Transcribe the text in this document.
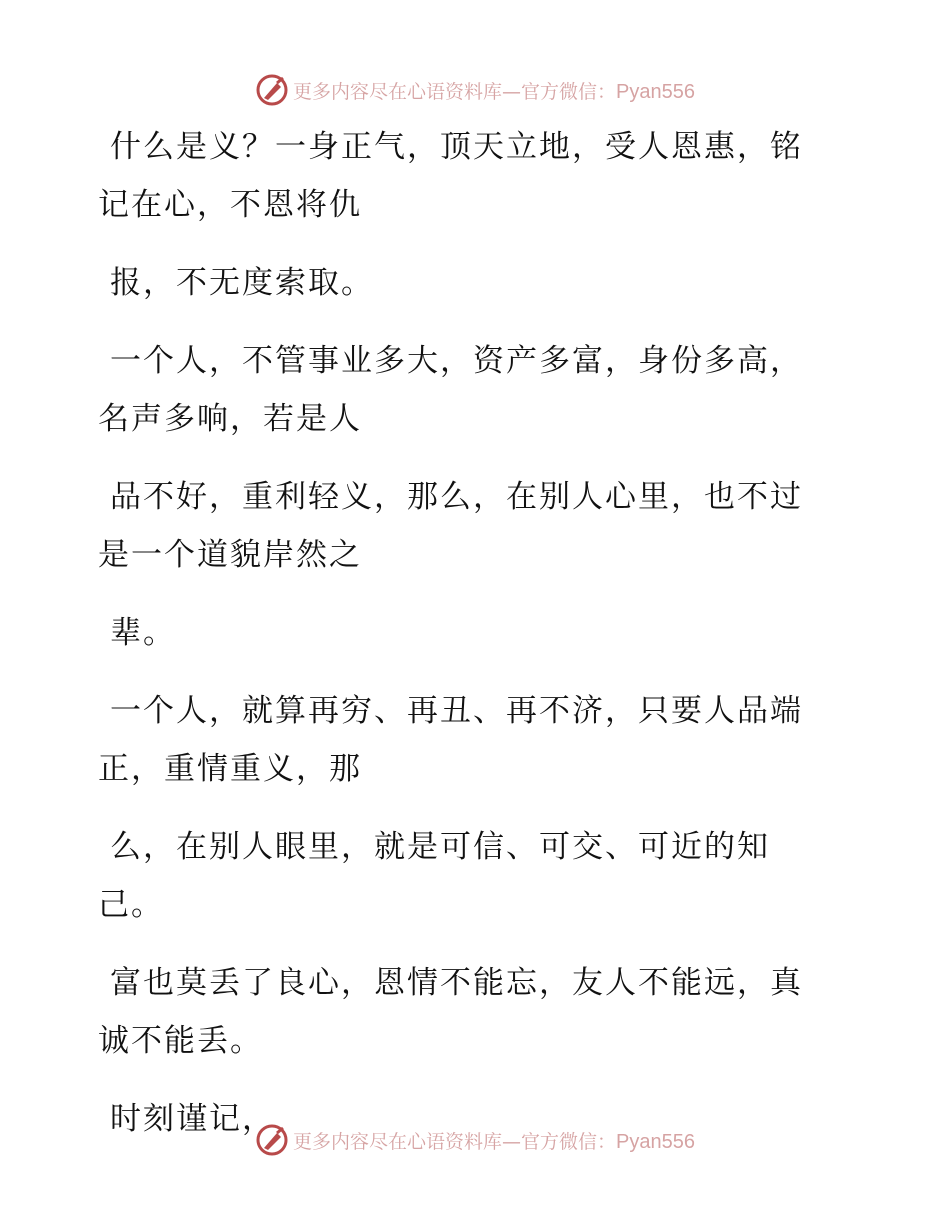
更多内容尽在心语资料库—官方微信：Pyan556

什么是义？一身正气，顶天立地，受人恩惠，铭
记在心，不恩将仇

报，不无度索取。

一个人，不管事业多大，资产多富，身份多高，
名声多响，若是人

品不好，重利轻义，那么，在别人心里，也不过
是一个道貌岸然之

辈。

一个人，就算再穷、再丑、再不济，只要人品端
正，重情重义，那

么，在别人眼里，就是可信、可交、可近的知
己。

富也莫丢了良心，恩情不能忘，友人不能远，真
诚不能丢。

时刻谨记，

更多内容尽在心语资料库—官方微信：Pyan556
